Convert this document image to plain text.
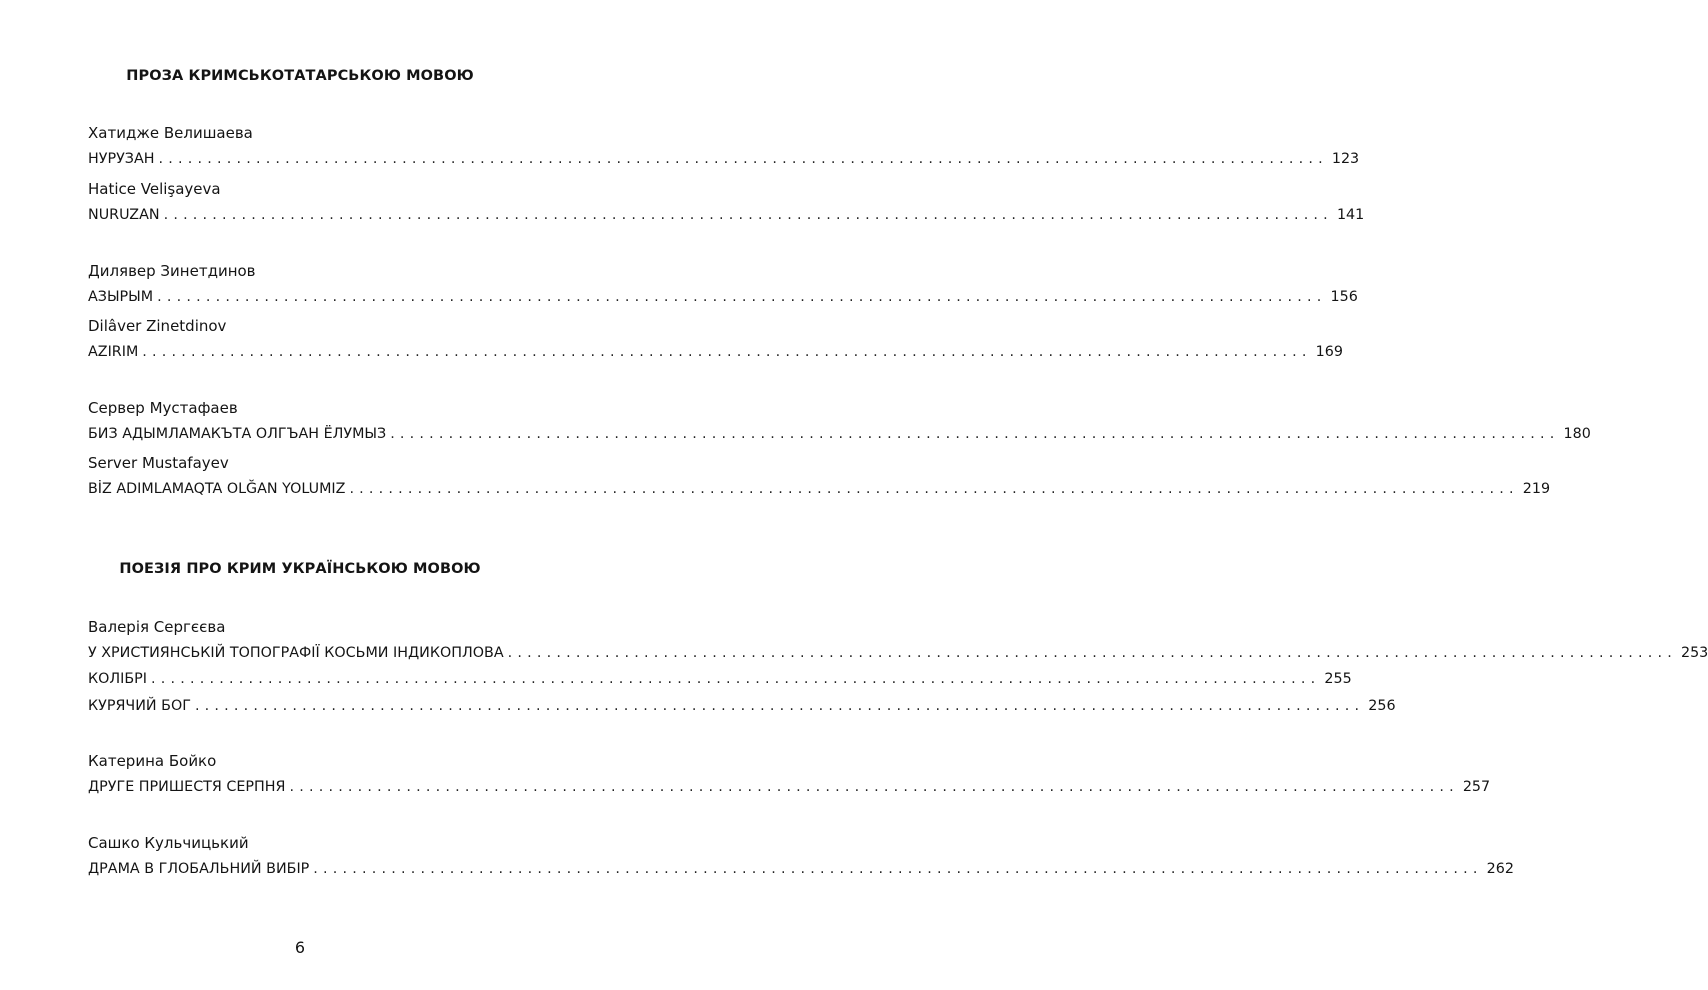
ПРОЗА КРИМСЬКОТАТАРСЬКОЮ МОВОЮ

Хатидже Велишаева

НУРУЗАН ........................................................................................................................ 123

Hatice Velişayeva

NURUZAN ........................................................................................................................ 141

Дилявер Зинетдинов

АЗЫРЫМ ........................................................................................................................ 156

Dilâver Zinetdinov

AZIRIM ........................................................................................................................ 169

Сервер Мустафаев

БИЗ АДЫМЛАМАКЪТА ОЛГЪАН ЁЛУМЫЗ ........................................................................................................................ 180

Server Mustafayev

BİZ ADIMLAMAQTA OLĞAN YOLUMIZ ........................................................................................................................ 219
ПОЕЗІЯ ПРО КРИМ УКРАЇНСЬКОЮ МОВОЮ

Валерія Сергєєва

У ХРИСТИЯНСЬКІЙ ТОПОГРАФІЇ КОСЬМИ ІНДИКОПЛОВА ........................................................................................................................ 253
КОЛІБРІ ........................................................................................................................ 255
КУРЯЧИЙ БОГ ........................................................................................................................ 256

Катерина Бойко

ДРУГЕ ПРИШЕСТЯ СЕРПНЯ ........................................................................................................................ 257

Сашко Кульчицький

ДРАМА В ГЛОБАЛЬНИЙ ВИБІР ........................................................................................................................ 262

6
